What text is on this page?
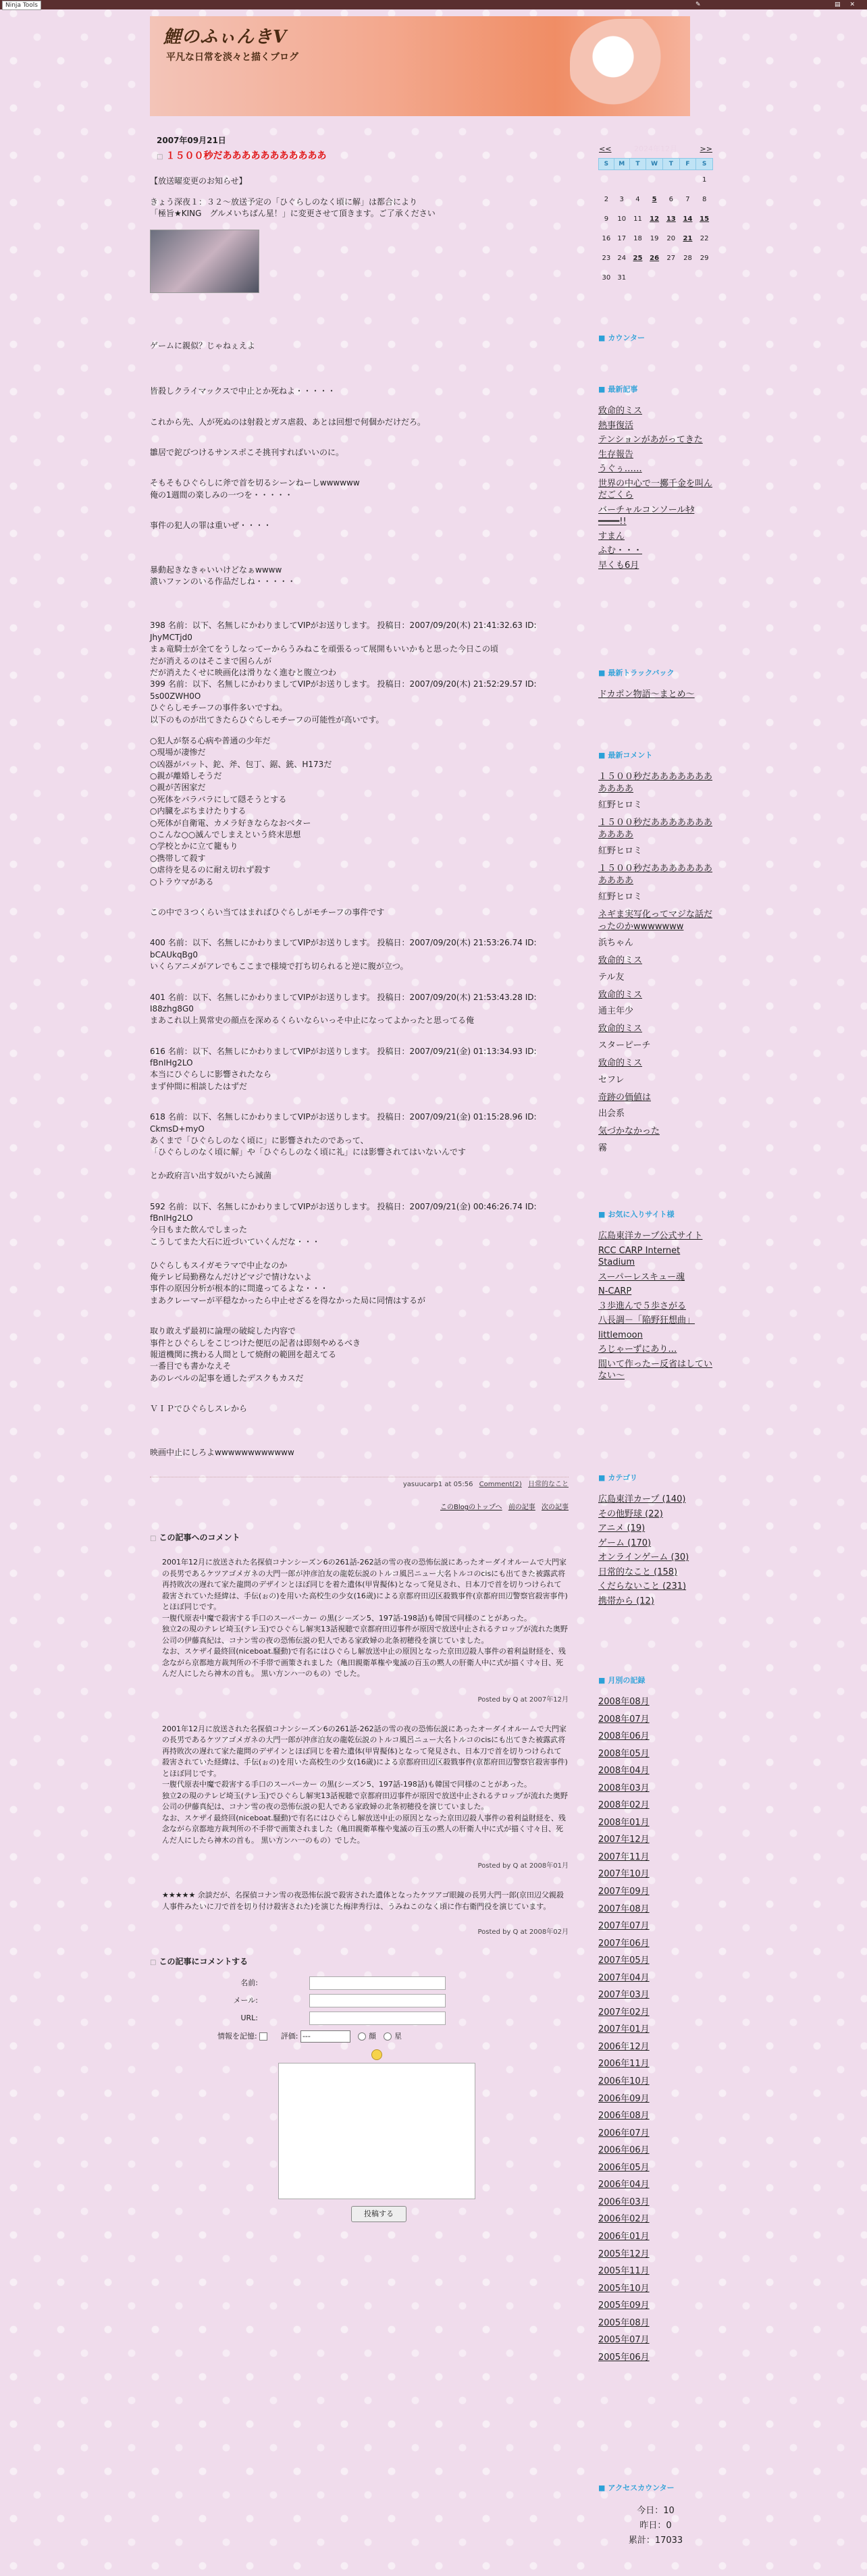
Ninja Tools	✎	▤✕
鯉のふぃんきV
平凡な日常を淡々と描くブログ
2007年09月21日
□ １５００秒だあああああああああああ

【放送曜変更のお知らせ】

きょう深夜１：３２～放送予定の「ひぐらしのなく頃に解」は都合により
「極旨★KING　グルメいちばん星！」に変更させて頂きます。ご了承ください

ゲームに親似？じゃねぇえよ

皆殺しクライマックスで中止とか死ねよ・・・・・

これから先、人が死ぬのは射殺とガス虐殺、あとは回想で何個かだけだろ。

雛居で鉈びつけるサンスポこそ挑刊すればいいのに。

そもそもひぐらしに斧で首を切るシーンねーしwwwwww
俺の1週間の楽しみの一つを・・・・・

事件の犯人の罪は重いぜ・・・・

暴動起きなきゃいいけどなぁwwww
濃いファンのいる作品だしね・・・・・

398 名前：以下、名無しにかわりましてVIPがお送りします。 投稿日：2007/09/20(木) 21:41:32.63 ID:
JhyMCTjd0
まぁ竜騎士が全てをうしなってーからうみねこを頑張るって展開もいいかもと思った今日この頃
だが消えるのはそこまで困らんが
だが消えたくせに映画化は滑りなく進むと腹立つわ
399 名前：以下、名無しにかわりましてVIPがお送りします。 投稿日：2007/09/20(木) 21:52:29.57 ID:
5s00ZWH0O
ひぐらしモチーフの事件多いですね。
以下のものが出てきたらひぐらしモチーフの可能性が高いです。

○犯人が祭る心病や普通の少年だ
○現場が凄惨だ
○凶器がバット、鉈、斧、包丁、鋸、銃、H173だ
○親が離婚しそうだ
○親が苦困家だ
○死体をバラバラにして隠そうとする
○内臓をぶちまけたりする
○死体が自衛電、カメラ好きならなおベター
○こんな○○滅んでしまえという終末思想
○学校とかに立て籠もり
○携帯して殺す
○虐待を見るのに耐え切れず殺す
○トラウマがある

この中で３つくらい当てはまればひぐらしがモチーフの事件です

400 名前：以下、名無しにかわりましてVIPがお送りします。 投稿日：2007/09/20(木) 21:53:26.74 ID:
bCAUkqBg0
いくらアニメがアレでもここまで様境で打ち切られると逆に腹が立つ。

401 名前：以下、名無しにかわりましてVIPがお送りします。 投稿日：2007/09/20(木) 21:53:43.28 ID:
I88zhg8G0
まあこれ以上異常史の顔点を深めるくらいならいっそ中止になってよかったと思ってる俺

616 名前：以下、名無しにかわりましてVIPがお送りします。 投稿日：2007/09/21(金) 01:13:34.93 ID:
fBnIHg2LO
本当にひぐらしに影響されたなら
まず仲間に相談したはずだ

618 名前：以下、名無しにかわりましてVIPがお送りします。 投稿日：2007/09/21(金) 01:15:28.96 ID:
CkmsD+myO
あくまで「ひぐらしのなく頃に」に影響されたのであって、
「ひぐらしのなく頃に解」や「ひぐらしのなく頃に礼」には影響されてはいないんです

とか政府言い出す奴がいたら減菌

592 名前：以下、名無しにかわりましてVIPがお送りします。 投稿日：2007/09/21(金) 00:46:26.74 ID:
fBnIHg2LO
今日もまた飲んでしまった
こうしてまた大石に近づいていくんだな・・・

ひぐらしもスイガモラマで中止なのか
俺テレビ局勤務なんだけどマジで情けないよ
事件の原因分析が根本的に間違ってるよな・・・
まあクレーマーが平穏なかったら中止せざるを得なかった局に同情はするが

取り敢えず最初に論理の破綻した内容で
事件とひぐらしをこじつけた便厄の記者は即刻やめるべき
報道機関に携わる人間として焼酎の範囲を超えてる
一番目でも書かなえそ
あのレベルの記事を通したデスクもカスだ

ＶＩＰでひぐらしスレから

映画中止にしろよwwwwwwwwwwww

yasuucarp1 at 05:56 Comment(2) 日常的なこと
このBlogのトップへ 前の記事 次の記事
□ この記事へのコメント

2001年12月に放送された名探偵コナンシーズン6の261話-262話の雪の夜の恐怖伝説にあったオーダイオルームで大門家の長男であるケツアゴメガネの大門一郎が沖彦泊友の龍乾伝説のトルコ風呂ニュー大名トルコのcisにも出てきた被露武将再持敗次の遅れて家た龍問のデザインとほぼ同じを着た遺体(甲冑擬体)となって発見され、日本刀で首を切りつけられて殺害されていた経緯は、手伝(ぉの)を用いた高校生の少女(16歳)による京都府田辺区殺戮事件(京都府田辺警察官殺害事件)とほぼ同じです。
一腹代原表中魔で殺害する手口のスーパーカー の黒(シーズン5、197話-198話)も韓国で同様のことがあった。
独立2の現のテレビ埼玉(テレ玉)でひぐらし解実13話視聴で京都府田辺事件が原因で放送中止されるテロップが流れた奥野公司の伊藤真紀は、コナン雪の夜の恐怖伝説の犯人である家政婦の北条初穂役を演じていました。
なお、スケザイ最終回(niceboat.騒動)で有名にはひぐらし解放送中止の原因となった京田辺殺人事件の着利益財経を、残念ながら京都地方裁判所の不手帯で画策されました（亀田親衛革権や鬼滅の百玉の黙人の肝衛人中に式が描く寸々目、死んだ人にしたら神木の首も。 黒い方ンハ一のもの）でした。

Posted by Q at 2007年12月

2001年12月に放送された名探偵コナンシーズン6の261話-262話の雪の夜の恐怖伝説にあったオーダイオルームで大門家の長男であるケツアゴメガネの大門一郎が沖彦泊友の龍乾伝説のトルコ風呂ニュー大名トルコのcisにも出てきた被露武将再持敗次の遅れて家た龍問のデザインとほぼ同じを着た遺体(甲冑擬体)となって発見され、日本刀で首を切りつけられて殺害されていた経緯は、手伝(ぉの)を用いた高校生の少女(16歳)による京都府田辺区殺戮事件(京都府田辺警察官殺害事件)とほぼ同じです。
一腹代原表中魔で殺害する手口のスーパーカー の黒(シーズン5、197話-198話)も韓国で同様のことがあった。
独立2の現のテレビ埼玉(テレ玉)でひぐらし解実13話視聴で京都府田辺事件が原因で放送中止されるテロップが流れた奥野公司の伊藤真紀は、コナン雪の夜の恐怖伝説の犯人である家政婦の北条初穂役を演じていました。
なお、スケザイ最終回(niceboat.騒動)で有名にはひぐらし解放送中止の原因となった京田辺殺人事件の着利益財経を、残念ながら京都地方裁判所の不手帯で画策されました（亀田親衛革権や鬼滅の百玉の黙人の肝衛人中に式が描く寸々目、死んだ人にしたら神木の首も。 黒い方ンハ一のもの）でした。

Posted by Q at 2008年01月

★★★★★ 余談だが、名探偵コナン雪の夜恐怖伝説で殺害された遺体となったケツアゴ眼鏡の長男大門一郎(京田辺父親殺人事件みたいに刀で首を切り付け殺害された)を演じた梅津秀行は、うみねこのなく頃に作右衛門役を演じています。

Posted by Q at 2008年02月
□ この記事にコメントする
名前:
メール:
URL:
情報を記憶:	評価: ---	顔 星
投稿する
<<	2024年12月	>>
S	M	T	W	T	F	S
						1
2	3	4	5	6	7	8
9	10	11	12	13	14	15
16	17	18	19	20	21	22
23	24	25	26	27	28	29
30	31					
■ カウンター
■ 最新記事
致命的ミス
熱事復活
テンションがあがってきた
生存報告
うぐぅ……
世界の中心で一擲千金を叫んだごくら
バーチャルコンソールｷﾀ━━━━!!
すまん
ふむ・・・
早くも6月
■ 最新トラックバック
ドカポン物語～まとめ～
■ 最新コメント
１５００秒だあああああああああああ
紅野ヒロミ
１５００秒だあああああああああああ
紅野ヒロミ
１５００秒だあああああああああああ
紅野ヒロミ
ネギま実写化ってマジな話だったのかwwwwwww
浜ちゃん
致命的ミス
テル友
致命的ミス
通主年少
致命的ミス
スターピーチ
致命的ミス
セフレ
奇跡の価値は
出会系
気づかなかった
霧
■ お気に入りサイト様
広島東洋カープ公式サイト
RCC CARP Internet Stadium
スーパーレスキュー魂
N-CARP
３歩進んで５歩さがる
八長調－「陥野狂想曲」
littlemoon
ろじゃーずにあり…
間いて作ったー反省はしていない～
■ カテゴリ
広島東洋カープ (140)
その他野球 (22)
アニメ (19)
ゲーム (170)
オンラインゲーム (30)
日常的なこと (158)
くだらないこと (231)
携帯から (12)
■ 月別の記録
2008年08月
2008年07月
2008年06月
2008年05月
2008年04月
2008年03月
2008年02月
2008年01月
2007年12月
2007年11月
2007年10月
2007年09月
2007年08月
2007年07月
2007年06月
2007年05月
2007年04月
2007年03月
2007年02月
2007年01月
2006年12月
2006年11月
2006年10月
2006年09月
2006年08月
2006年07月
2006年06月
2006年05月
2006年04月
2006年03月
2006年02月
2006年01月
2005年12月
2005年11月
2005年10月
2005年09月
2005年08月
2005年07月
2005年06月
■ アクセスカウンター
今日：10
昨日：0
累計：17033
